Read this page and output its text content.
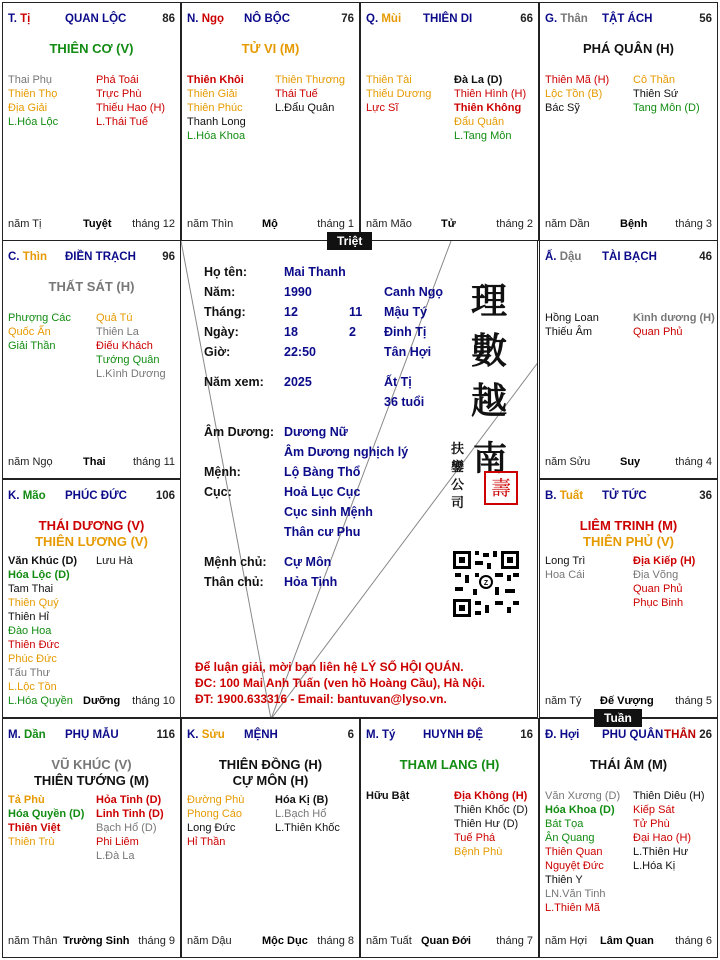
T. Tị	QUAN LỘC	86
THIÊN CƠ (V)
Thai Phụ
Thiên Thọ
Địa Giải
L.Hóa Lộc
Phá Toái
Trực Phù
Thiếu Hao (H)
L.Thái Tuế
năm Tị	Tuyệt tháng 12
N. Ngọ NÔ BỘC	76
TỬ VI (M)
Thiên Khôi
Thiên Giải
Thiên Phúc
Thanh Long
L.Hóa Khoa
Thiên Thương
Thái Tuế
L.Đẩu Quân
năm Thìn	Mộ	tháng 1
Q. Mùi THIÊN DI	66
Thiên Tài
Thiếu Dương
Lực Sĩ
Đà La (D)
Thiên Hình (H)
Thiên Không
Đẩu Quân
L.Tang Môn
năm Mão	Tử	tháng 2
G. Thân TẬT ÁCH	56
PHÁ QUÂN (H)
Thiên Mã (H)
Lộc Tồn (B)
Bác Sỹ
Cô Thần
Thiên Sứ
Tang Môn (D)
năm Dần	Bệnh	tháng 3
C. Thìn ĐIỀN TRẠCH 96
THẤT SÁT (H)
Phượng Các
Quốc Ấn
Giải Thần
Quả Tú
Thiên La
Điếu Khách
Tướng Quân
L.Kình Dương
năm Ngọ	Thai tháng 11
Ấ. Dậu TÀI BẠCH	46
Hồng Loan
Thiếu Âm
Kình dương (H)
Quan Phủ
năm Sửu	Suy	tháng 4
K. Mão PHÚC ĐỨC	106
THÁI DƯƠNG (V)
THIÊN LƯƠNG (V)
Văn Khúc (D)
Hóa Lộc (D)
Tam Thai
Thiên Quý
Thiên Hỉ
Đào Hoa
Thiên Đức
Phúc Đức
Tấu Thư
L.Lộc Tồn
L.Hóa Quyền
Lưu Hà
Dưỡng tháng 10
B. Tuất TỬ TỨC	36
LIÊM TRINH (M)
THIÊN PHỦ (V)
Long Trì
Hoa Cái
Địa Kiếp (H)
Địa Võng
Quan Phủ
Phục Binh
năm Tý Đế Vượng tháng 5
M. Dần PHỤ MẪU	116
VŨ KHÚC (V)
THIÊN TƯỚNG (M)
Tả Phù
Hóa Quyền (D)
Thiên Việt
Thiên Trù
Hỏa Tinh (D)
Linh Tinh (D)
Bạch Hổ (D)
Phi Liêm
L.Đà La
năm Thân Trường Sinh tháng 9
K. Sửu MỆNH	6
THIÊN ĐỒNG (H)
CỰ MÔN (H)
Đường Phù
Phong Cáo
Long Đức
Hỉ Thần
Hóa Kị (B)
L.Bạch Hổ
L.Thiên Khốc
năm Dậu	Mộc Dục tháng 8
M. Tý HUYNH ĐỆ	16
THAM LANG (H)
Hữu Bật	Địa Không (H)
Thiên Khốc (D)
Thiên Hư (D)
Tuế Phá
Bệnh Phù
năm Tuất Quan Đới tháng 7
Đ. Hợi PHU QUÂN THÂN 26
THÁI ÂM (M)
Văn Xương (D)
Hóa Khoa (D)
Bát Tọa
Ân Quang
Thiên Quan
Nguyệt Đức
Thiên Y
LN.Văn Tinh
L.Thiên Mã
Thiên Diêu (H)
Kiếp Sát
Tử Phù
Đại Hao (H)
L.Thiên Hư
L.Hóa Kị
năm Hợi Lâm Quan tháng 6
Họ tên:	Mai Thanh
Năm:	1990	Canh Ngọ
Tháng:	12	11 Mậu Tý
Ngày:	18	2 Đinh Tị
Giờ:	22:50	Tân Hợi
Năm xem: 2025	Ất Tị
36 tuổi
Âm Dương: Dương Nữ
Âm Dương nghịch lý
Mệnh:	Lộ Bàng Thổ
Cục:	Hoả Lục Cục
Cục sinh Mệnh
Thân cư Phu
Mệnh chủ: Cự Môn
Thân chủ: Hỏa Tinh
理
數
越
南
壽
扶
鑾
公
司
Z
Để luận giải, mời bạn liên hệ LÝ SỐ HỘI QUÁN.
ĐC: 100 Mai Anh Tuấn (ven hồ Hoàng Cầu), Hà Nội.
ĐT: 1900.633316 - Email: bantuvan@lyso.vn.
Triệt
Tuần
